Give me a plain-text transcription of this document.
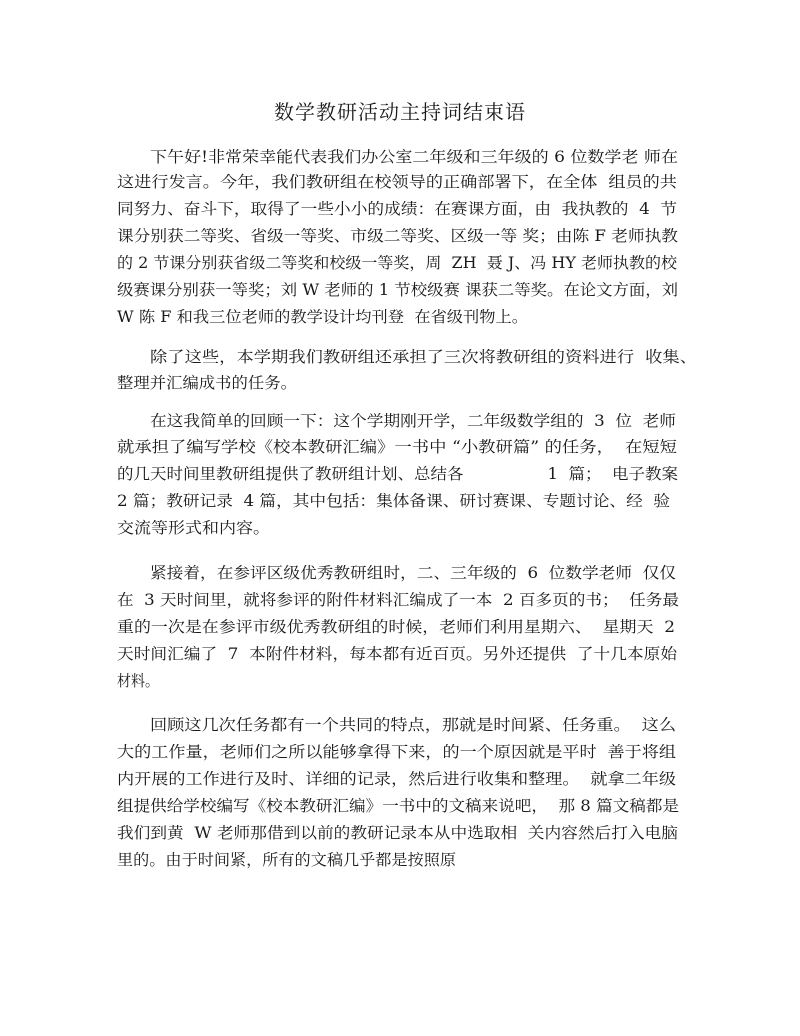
数学教研活动主持词结束语
下午好!非常荣幸能代表我们办公室二年级和三年级的 6 位数学老 师在
这进行发言。今年，我们教研组在校领导的正确部署下，在全体  组员的共
同努力、奋斗下，取得了一些小小的成绩：在赛课方面，由  我执教的  4  节
课分别获二等奖、省级一等奖、市级二等奖、区级一等 奖；由陈 F 老师执教
的 2 节课分别获省级二等奖和校级一等奖，周  ZH  聂 J、冯 HY 老师执教的校
级赛课分别获一等奖；刘 W 老师的 1 节校级赛 课获二等奖。在论文方面，刘
W 陈 F 和我三位老师的教学设计均刊登  在省级刊物上。
除了这些，本学期我们教研组还承担了三次将教研组的资料进行  收集、
整理并汇编成书的任务。
在这我简单的回顾一下：这个学期刚开学，二年级数学组的  3  位  老师
就承担了编写学校《校本教研汇编》一书中 “小教研篇” 的任务，  在短短
的几天时间里教研组提供了教研组计划、总结各                1  篇；  电子教案
2 篇；教研记录  4 篇，其中包括：集体备课、研讨赛课、专题讨论、经  验
交流等形式和内容。
紧接着，在参评区级优秀教研组时，二、三年级的  6  位数学老师  仅仅
在  3 天时间里，就将参评的附件材料汇编成了一本  2 百多页的书；  任务最
重的一次是在参评市级优秀教研组的时候，老师们利用星期六、  星期天  2
天时间汇编了  7  本附件材料，每本都有近百页。另外还提供  了十几本原始
材料。
回顾这几次任务都有一个共同的特点，那就是时间紧、任务重。  这么
大的工作量，老师们之所以能够拿得下来，的一个原因就是平时  善于将组
内开展的工作进行及时、详细的记录，然后进行收集和整理。  就拿二年级
组提供给学校编写《校本教研汇编》一书中的文稿来说吧，  那 8 篇文稿都是
我们到黄  W 老师那借到以前的教研记录本从中选取相  关内容然后打入电脑
里的。由于时间紧，所有的文稿几乎都是按照原
